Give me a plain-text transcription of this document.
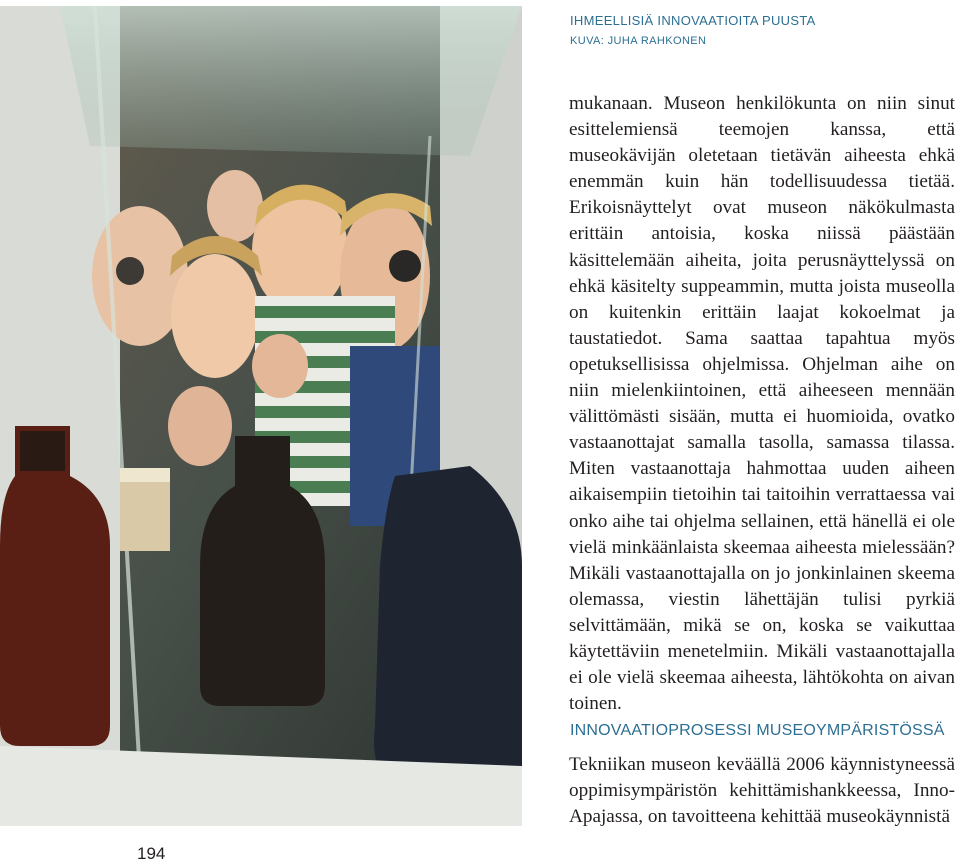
IHMEELLISIÄ INNOVAATIOITA PUUSTA
KUVA: JUHA RAHKONEN

mukanaan. Museon henkilökunta on niin sinut esittelemiensä teemojen kanssa, että museokävijän oletetaan tietävän aiheesta ehkä enemmän kuin hän todellisuudessa tietää. Erikoisnäyttelyt ovat museon näkökulmasta erittäin antoisia, koska niissä päästään käsittelemään aiheita, joita perusnäyttelyssä on ehkä käsitelty suppeammin, mutta joista museolla on kuitenkin erittäin laajat kokoelmat ja taustatiedot. Sama saattaa tapahtua myös opetuksellisissa ohjelmissa. Ohjelman aihe on niin mielenkiintoinen, että aiheeseen mennään välittömästi sisään, mutta ei huomioida, ovatko vastaanottajat samalla tasolla, samassa tilassa. Miten vastaanottaja hahmottaa uuden aiheen aikaisempiin tietoihin tai taitoihin verrattaessa vai onko aihe tai ohjelma sellainen, että hänellä ei ole vielä minkäänlaista skeemaa aiheesta mielessään? Mikäli vastaanottajalla on jo jonkinlainen skeema olemassa, viestin lähettäjän tulisi pyrkiä selvittämään, mikä se on, koska se vaikuttaa käytettäviin menetelmiin. Mikäli vastaanottajalla ei ole vielä skeemaa aiheesta, lähtökohta on aivan toinen.

INNOVAATIOPROSESSI MUSEOYMPÄRISTÖSSÄ

Tekniikan museon keväällä 2006 käynnistyneessä oppimisympäristön kehittämishankkeessa, Inno-Apajassa, on tavoitteena kehittää museokäynnistä

194
